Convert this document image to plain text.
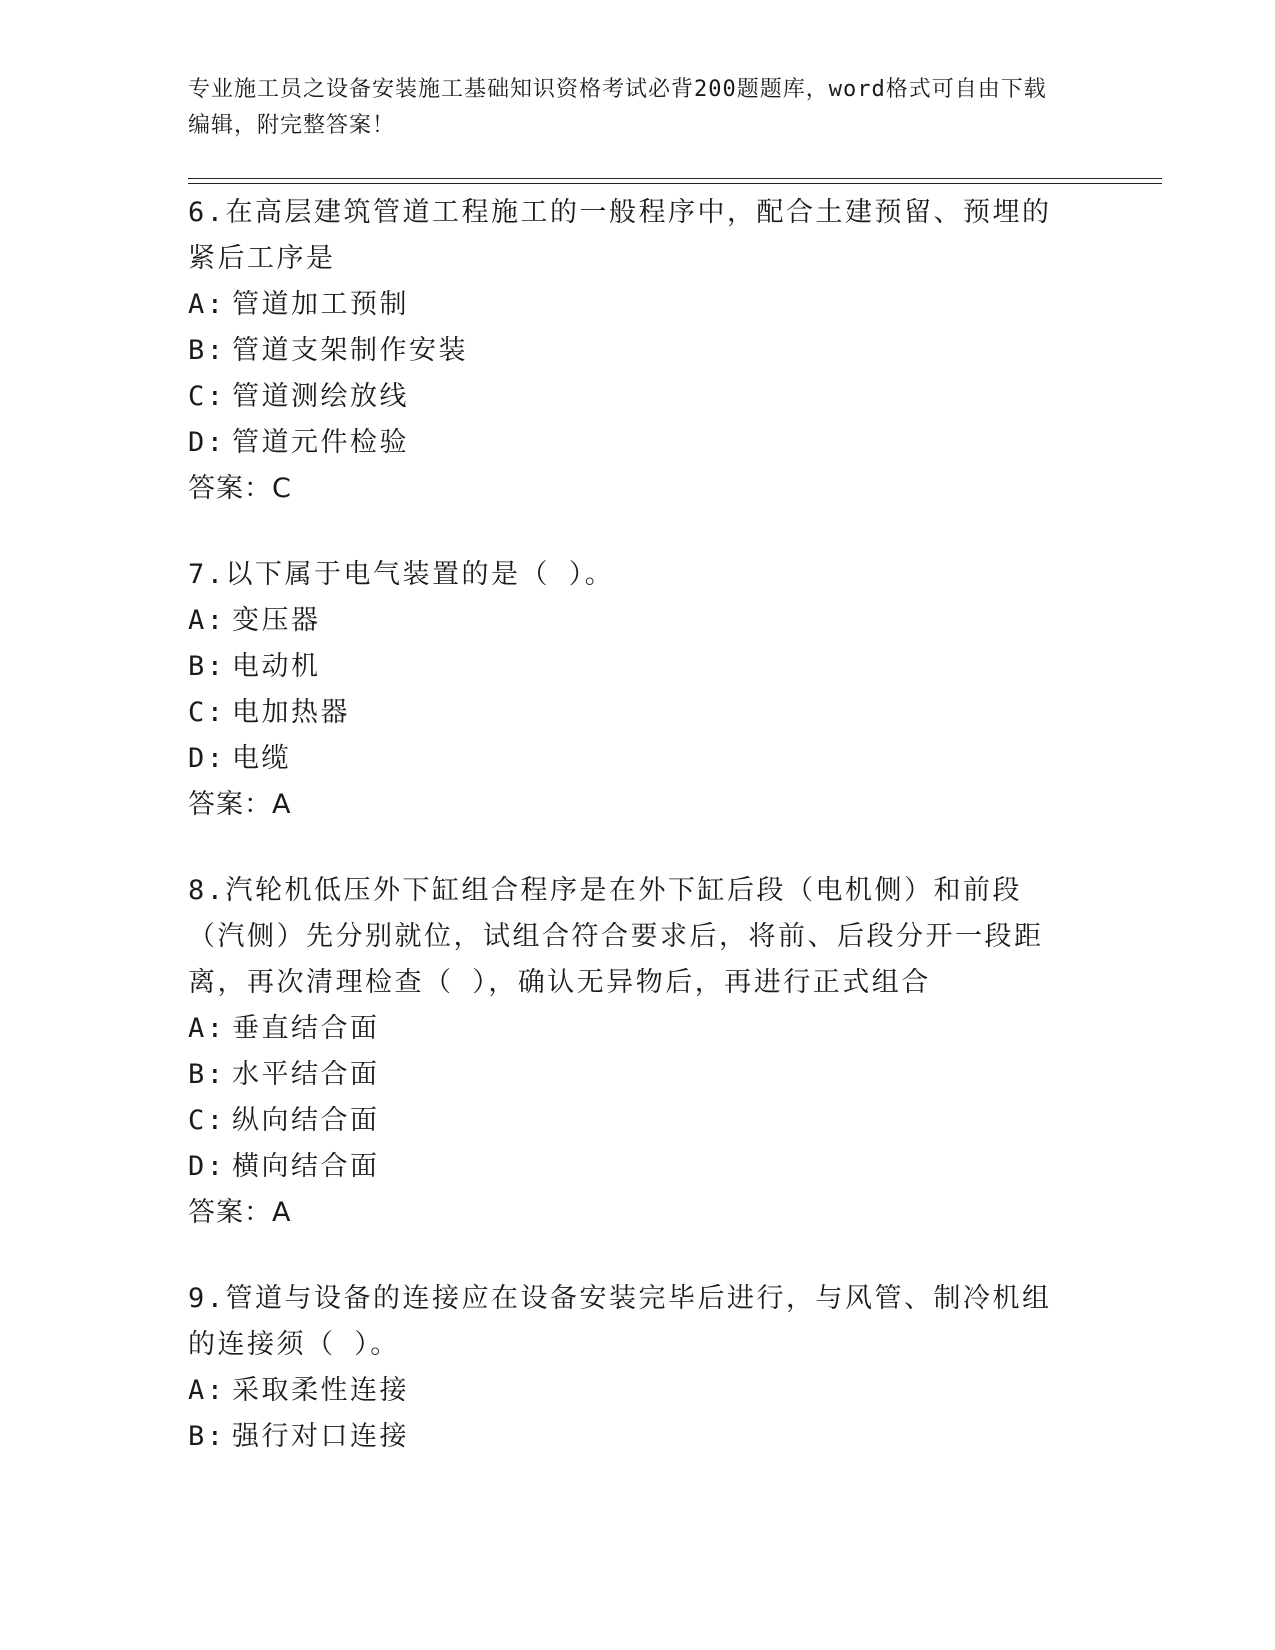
专业施工员之设备安装施工基础知识资格考试必背200题题库，word格式可自由下载编辑，附完整答案！
6.在高层建筑管道工程施工的一般程序中，配合土建预留、预埋的紧后工序是
A: 管道加工预制
B: 管道支架制作安装
C: 管道测绘放线
D: 管道元件检验
答案：C
7.以下属于电气装置的是（ ）。
A: 变压器
B: 电动机
C: 电加热器
D: 电缆
答案：A
8.汽轮机低压外下缸组合程序是在外下缸后段（电机侧）和前段（汽侧）先分别就位，试组合符合要求后，将前、后段分开一段距离，再次清理检查（ ），确认无异物后，再进行正式组合
A: 垂直结合面
B: 水平结合面
C: 纵向结合面
D: 横向结合面
答案：A
9.管道与设备的连接应在设备安装完毕后进行，与风管、制冷机组的连接须（ ）。
A: 采取柔性连接
B: 强行对口连接
